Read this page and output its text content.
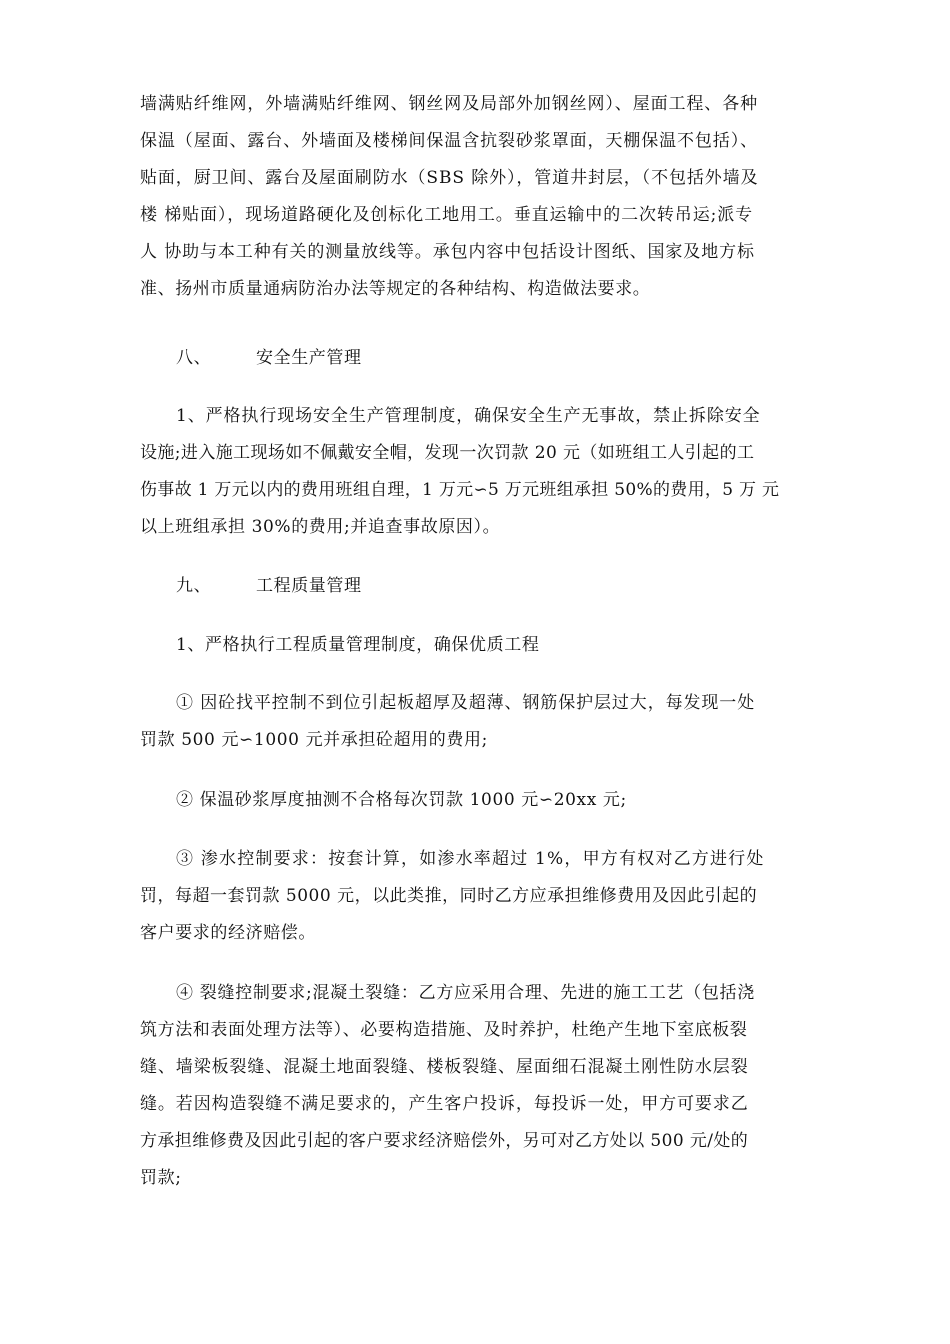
墙满贴纤维网，外墙满贴纤维网、钢丝网及局部外加钢丝网）、屋面工程、各种
保温（屋面、露台、外墙面及楼梯间保温含抗裂砂浆罩面，天棚保温不包括）、
贴面，厨卫间、露台及屋面刷防水（SBS 除外），管道井封层，（不包括外墙及
楼 梯贴面），现场道路硬化及创标化工地用工。垂直运输中的二次转吊运;派专
人 协助与本工种有关的测量放线等。承包内容中包括设计图纸、国家及地方标
准、扬州市质量通病防治办法等规定的各种结构、构造做法要求。
八、	安全生产管理
1、严格执行现场安全生产管理制度，确保安全生产无事故，禁止拆除安全
设施;进入施工现场如不佩戴安全帽，发现一次罚款 20 元（如班组工人引起的工
伤事故 1 万元以内的费用班组自理，1 万元∽5 万元班组承担 50%的费用，5 万 元
以上班组承担 30%的费用;并追查事故原因）。
九、	工程质量管理
1、严格执行工程质量管理制度，确保优质工程
① 因砼找平控制不到位引起板超厚及超薄、钢筋保护层过大，每发现一处
罚款 500 元∽1000 元并承担砼超用的费用;
② 保温砂浆厚度抽测不合格每次罚款 1000 元∽20xx 元;
③ 渗水控制要求：按套计算，如渗水率超过 1%，甲方有权对乙方进行处
罚，每超一套罚款 5000 元，以此类推，同时乙方应承担维修费用及因此引起的
客户要求的经济赔偿。
④ 裂缝控制要求;混凝土裂缝：乙方应采用合理、先进的施工工艺（包括浇
筑方法和表面处理方法等）、必要构造措施、及时养护，杜绝产生地下室底板裂
缝、墙梁板裂缝、混凝土地面裂缝、楼板裂缝、屋面细石混凝土刚性防水层裂
缝。若因构造裂缝不满足要求的，产生客户投诉，每投诉一处，甲方可要求乙
方承担维修费及因此引起的客户要求经济赔偿外，另可对乙方处以 500 元/处的
罚款;
